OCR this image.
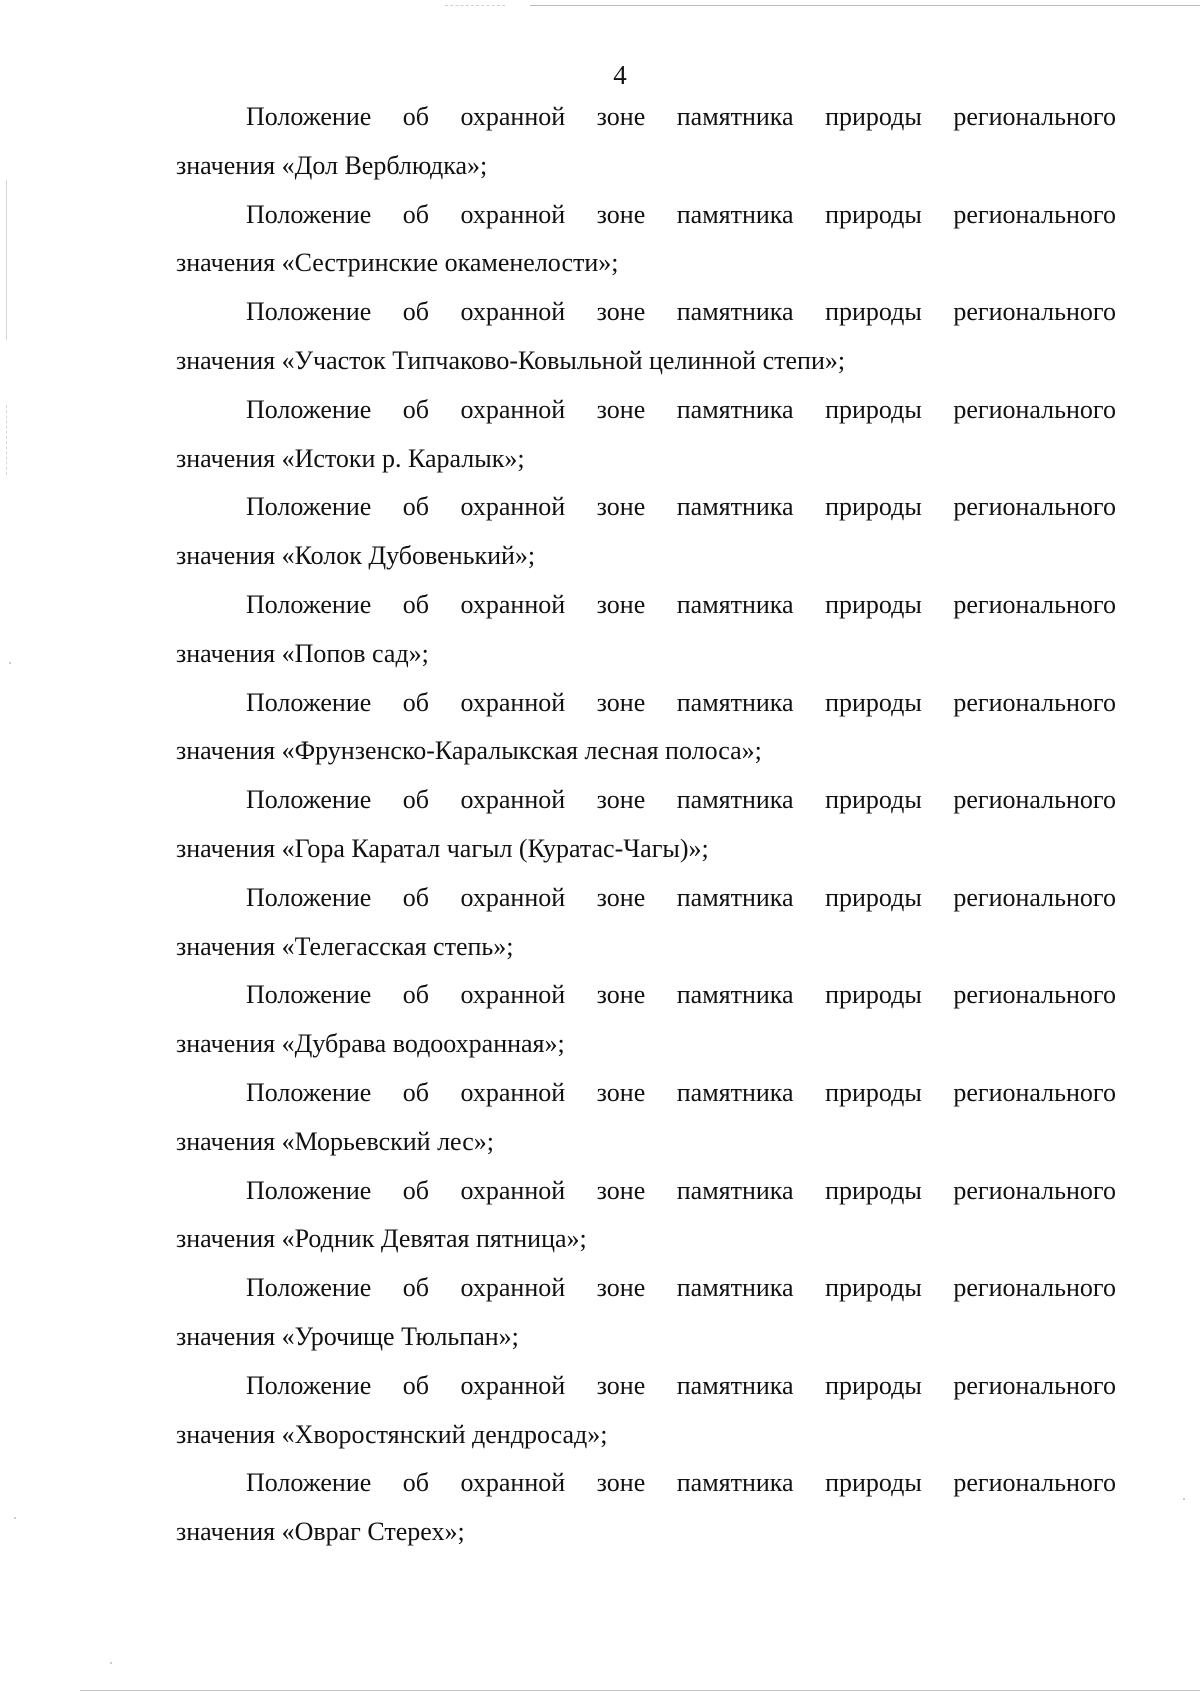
4
Положение об охранной зоне памятника природы регионального
значения «Дол Верблюдка»;
Положение об охранной зоне памятника природы регионального
значения «Сестринские окаменелости»;
Положение об охранной зоне памятника природы регионального
значения «Участок Типчаково-Ковыльной целинной степи»;
Положение об охранной зоне памятника природы регионального
значения «Истоки р. Каралык»;
Положение об охранной зоне памятника природы регионального
значения «Колок Дубовенький»;
Положение об охранной зоне памятника природы регионального
значения «Попов сад»;
Положение об охранной зоне памятника природы регионального
значения «Фрунзенско-Каралыкская лесная полоса»;
Положение об охранной зоне памятника природы регионального
значения «Гора Каратал чагыл (Куратас-Чагы)»;
Положение об охранной зоне памятника природы регионального
значения «Телегасская степь»;
Положение об охранной зоне памятника природы регионального
значения «Дубрава водоохранная»;
Положение об охранной зоне памятника природы регионального
значения «Морьевский лес»;
Положение об охранной зоне памятника природы регионального
значения «Родник Девятая пятница»;
Положение об охранной зоне памятника природы регионального
значения «Урочище Тюльпан»;
Положение об охранной зоне памятника природы регионального
значения «Хворостянский дендросад»;
Положение об охранной зоне памятника природы регионального
значения «Овраг Стерех»;
